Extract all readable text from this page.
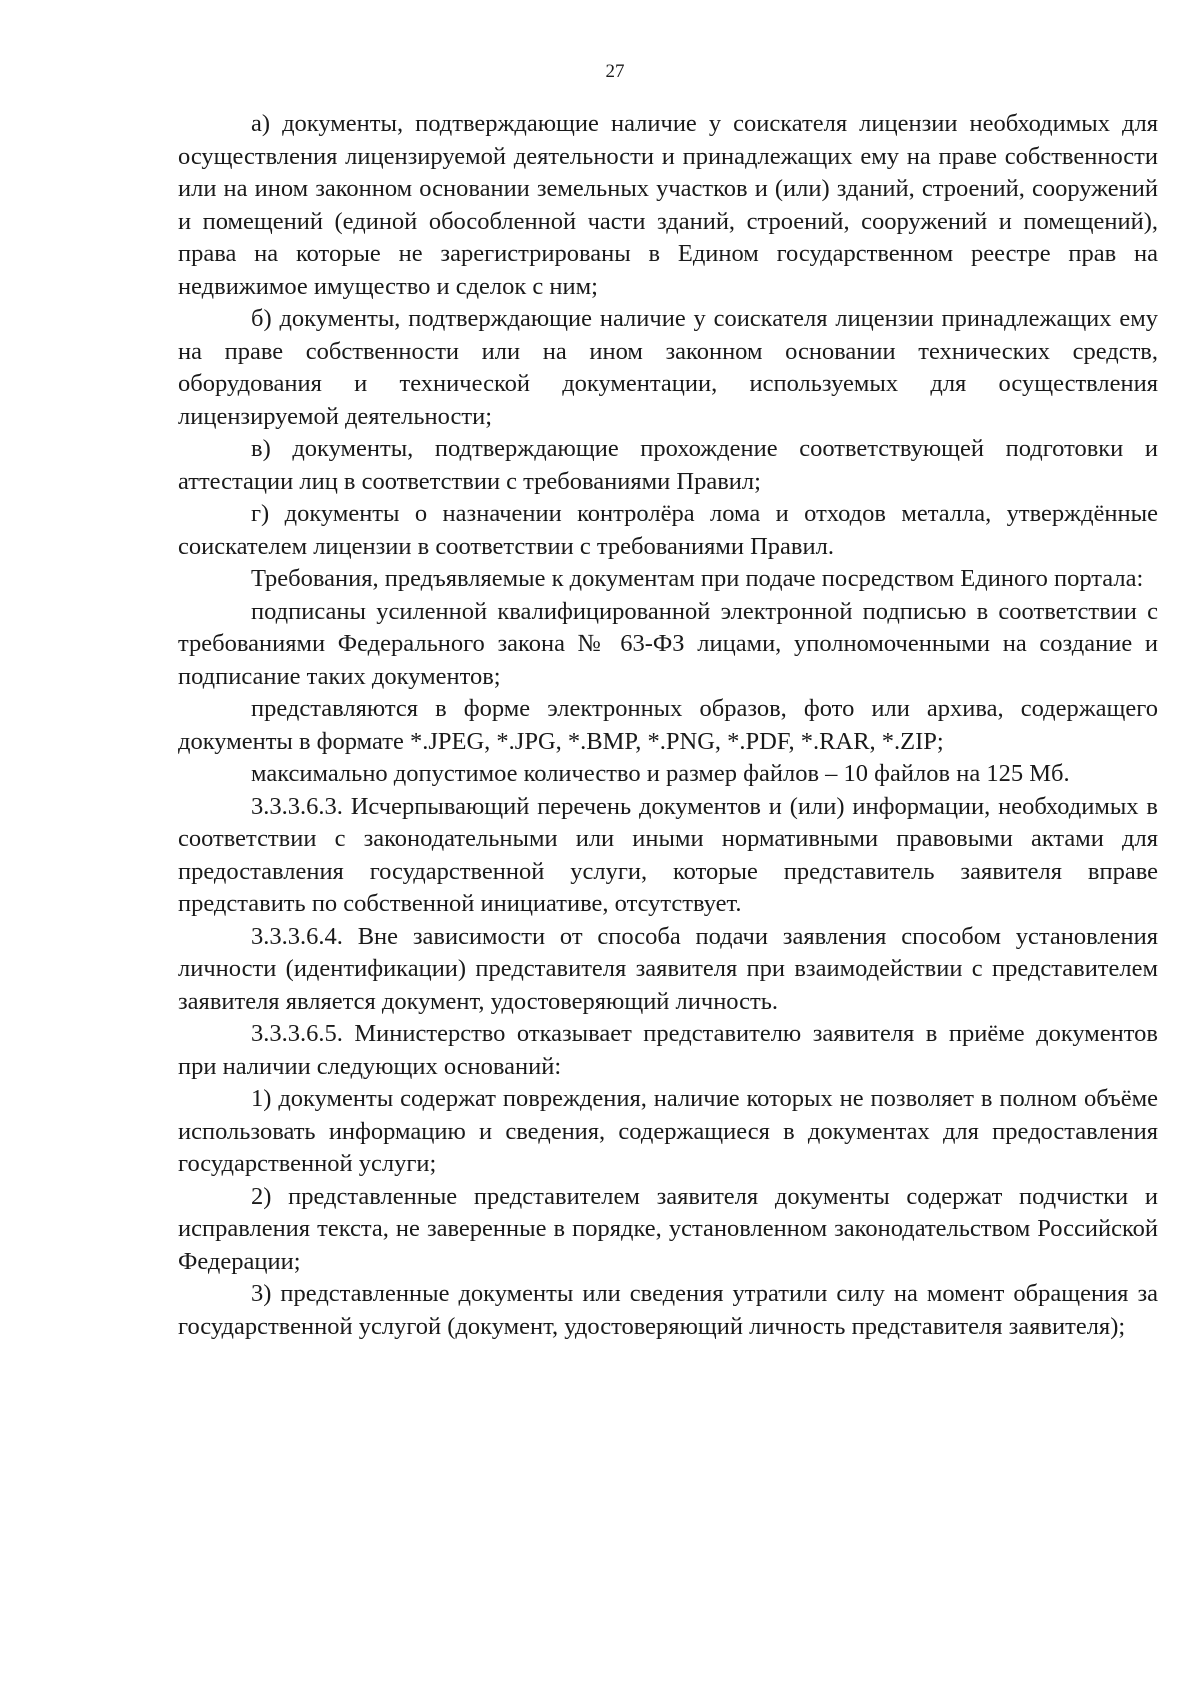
27

а) документы, подтверждающие наличие у соискателя лицензии необходимых для осуществления лицензируемой деятельности и принадлежащих ему на праве собственности или на ином законном основании земельных участков и (или) зданий, строений, сооружений и помещений (единой обособленной части зданий, строений, сооружений и помещений), права на которые не зарегистрированы в Едином государственном реестре прав на недвижимое имущество и сделок с ним;

б) документы, подтверждающие наличие у соискателя лицензии принадлежащих ему на праве собственности или на ином законном основании технических средств, оборудования и технической документации, используемых для осуществления лицензируемой деятельности;

в) документы, подтверждающие прохождение соответствующей подготовки и аттестации лиц в соответствии с требованиями Правил;

г) документы о назначении контролёра лома и отходов металла, утверждённые соискателем лицензии в соответствии с требованиями Правил.

Требования, предъявляемые к документам при подаче посредством Единого портала:

подписаны усиленной квалифицированной электронной подписью в соответствии с требованиями Федерального закона № 63-ФЗ лицами, уполномоченными на создание и подписание таких документов;

представляются в форме электронных образов, фото или архива, содержащего документы в формате *.JPEG, *.JPG, *.BMP, *.PNG, *.PDF, *.RAR, *.ZIP;

максимально допустимое количество и размер файлов – 10 файлов на 125 Мб.

3.3.3.6.3. Исчерпывающий перечень документов и (или) информации, необходимых в соответствии с законодательными или иными нормативными правовыми актами для предоставления государственной услуги, которые представитель заявителя вправе представить по собственной инициативе, отсутствует.

3.3.3.6.4. Вне зависимости от способа подачи заявления способом установления личности (идентификации) представителя заявителя при взаимодействии с представителем заявителя является документ, удостоверяющий личность.

3.3.3.6.5. Министерство отказывает представителю заявителя в приёме документов при наличии следующих оснований:

1) документы содержат повреждения, наличие которых не позволяет в полном объёме использовать информацию и сведения, содержащиеся в документах для предоставления государственной услуги;

2) представленные представителем заявителя документы содержат подчистки и исправления текста, не заверенные в порядке, установленном законодательством Российской Федерации;

3) представленные документы или сведения утратили силу на момент обращения за государственной услугой (документ, удостоверяющий личность представителя заявителя);
